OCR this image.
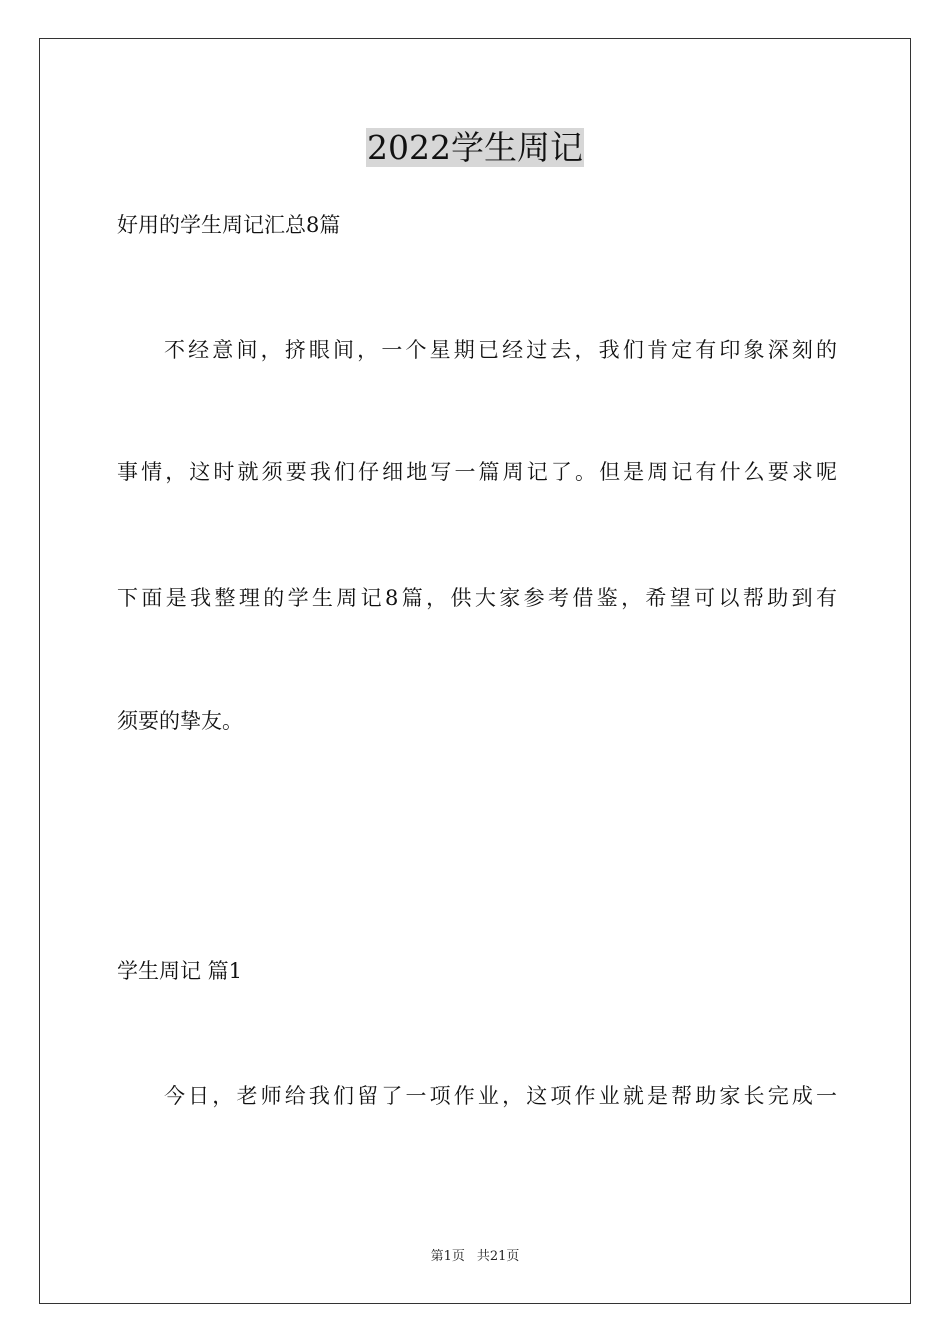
2022学生周记
好用的学生周记汇总8篇
不经意间，挤眼间，一个星期已经过去，我们肯定有印象深刻的
事情，这时就须要我们仔细地写一篇周记了。但是周记有什么要求呢
下面是我整理的学生周记8篇，供大家参考借鉴，希望可以帮助到有
须要的挚友。
学生周记 篇1
今日，老师给我们留了一项作业，这项作业就是帮助家长完成一
第1页 共21页
